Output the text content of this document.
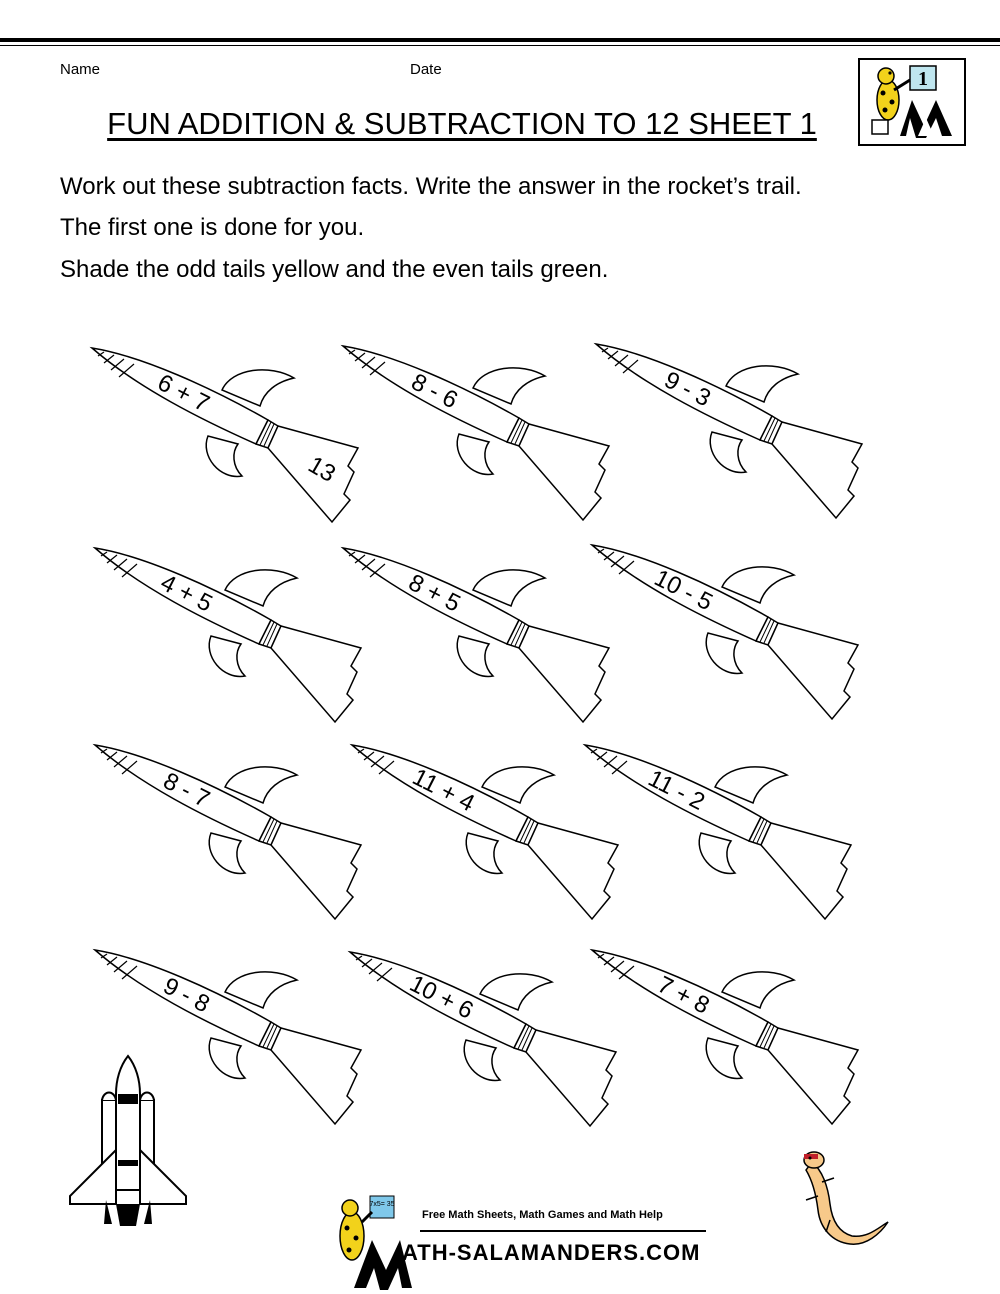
Name	Date
FUN ADDITION & SUBTRACTION TO 12 SHEET 1
1
Work out these subtraction facts. Write the answer in the rocket’s trail.
The first one is done for you.
Shade the odd tails yellow and the even tails green.
6 + 7
13
8 - 6	9 - 3
4 + 5	8 + 5	10 - 5
8 - 7	11 + 4	11 - 2
9 - 8	10 + 6	7 + 8
7x5= 35
Free Math Sheets, Math Games and Math Help
ATH-SALAMANDERS.COM
